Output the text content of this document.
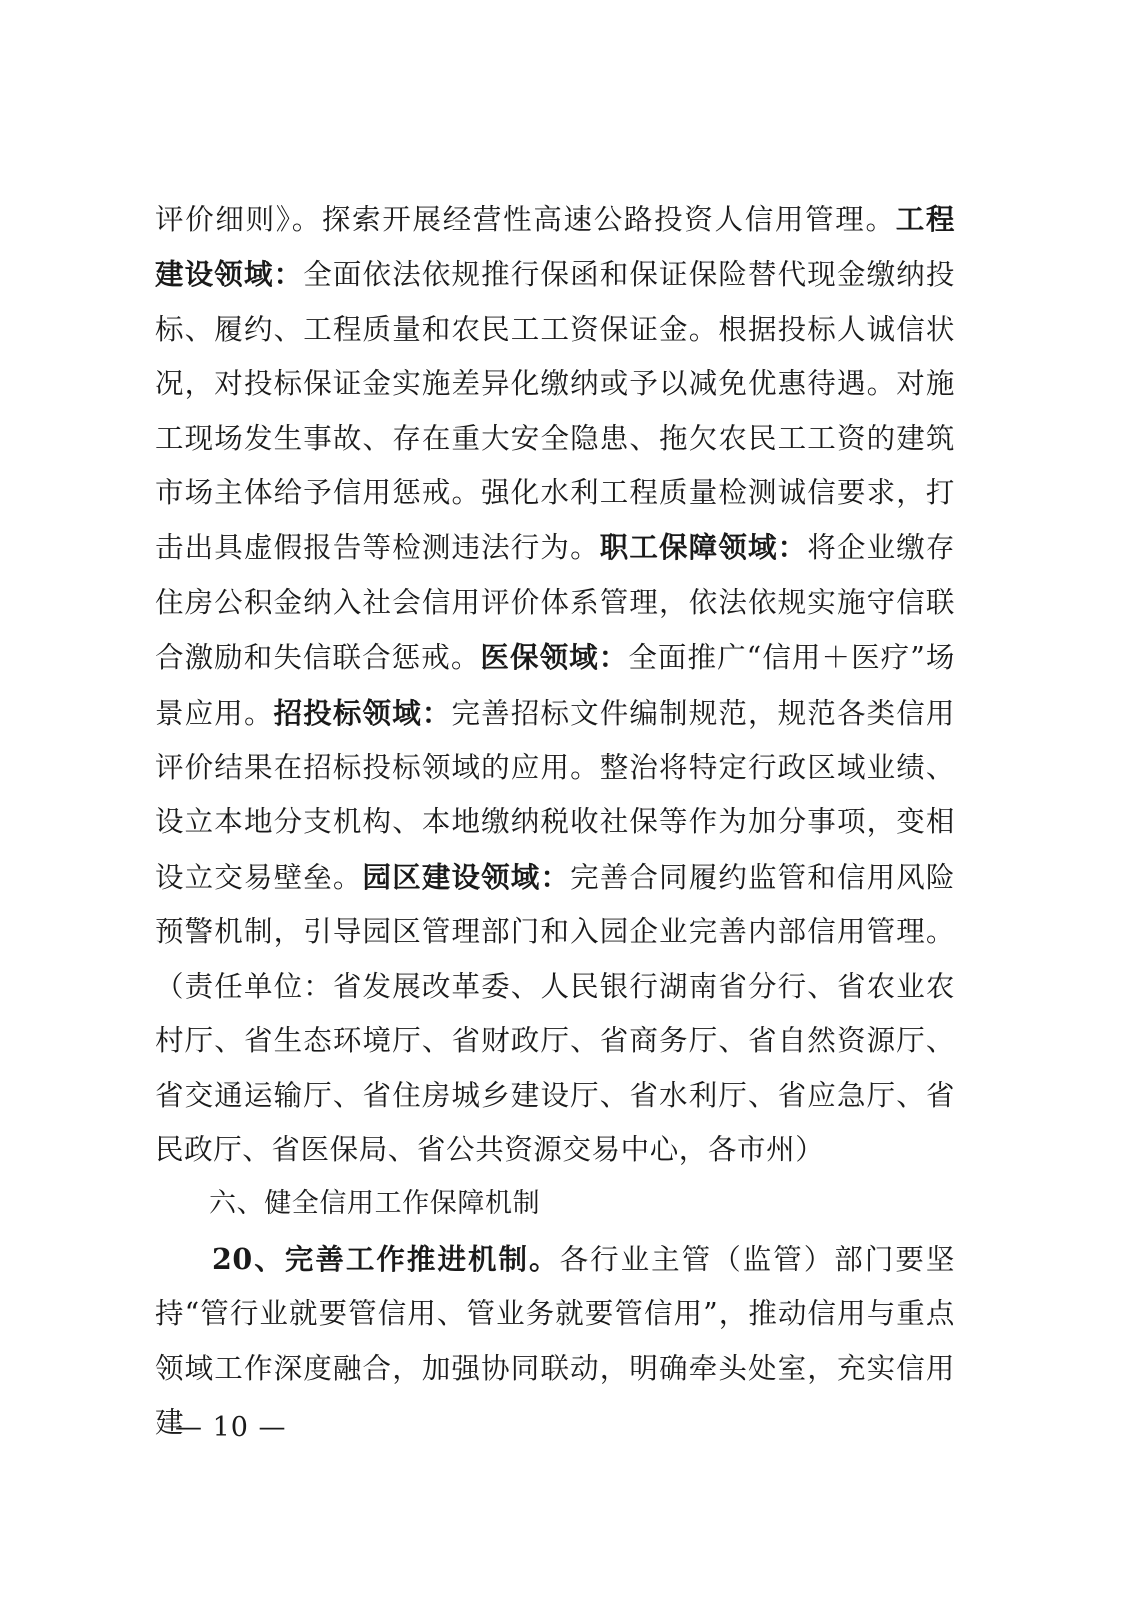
评价细则》。探索开展经营性高速公路投资人信用管理。工程建设领域：全面依法依规推行保函和保证保险替代现金缴纳投标、履约、工程质量和农民工工资保证金。根据投标人诚信状况，对投标保证金实施差异化缴纳或予以减免优惠待遇。对施工现场发生事故、存在重大安全隐患、拖欠农民工工资的建筑市场主体给予信用惩戒。强化水利工程质量检测诚信要求，打击出具虚假报告等检测违法行为。职工保障领域：将企业缴存住房公积金纳入社会信用评价体系管理，依法依规实施守信联合激励和失信联合惩戒。医保领域：全面推广“信用＋医疗”场景应用。招投标领域：完善招标文件编制规范，规范各类信用评价结果在招标投标领域的应用。整治将特定行政区域业绩、设立本地分支机构、本地缴纳税收社保等作为加分事项，变相设立交易壁垒。园区建设领域：完善合同履约监管和信用风险预警机制，引导园区管理部门和入园企业完善内部信用管理。（责任单位：省发展改革委、人民银行湖南省分行、省农业农村厅、省生态环境厅、省财政厅、省商务厅、省自然资源厅、省交通运输厅、省住房城乡建设厅、省水利厅、省应急厅、省民政厅、省医保局、省公共资源交易中心，各市州）

六、健全信用工作保障机制

20、完善工作推进机制。各行业主管（监管）部门要坚持“管行业就要管信用、管业务就要管信用”，推动信用与重点领域工作深度融合，加强协同联动，明确牵头处室，充实信用建

— 10 —
